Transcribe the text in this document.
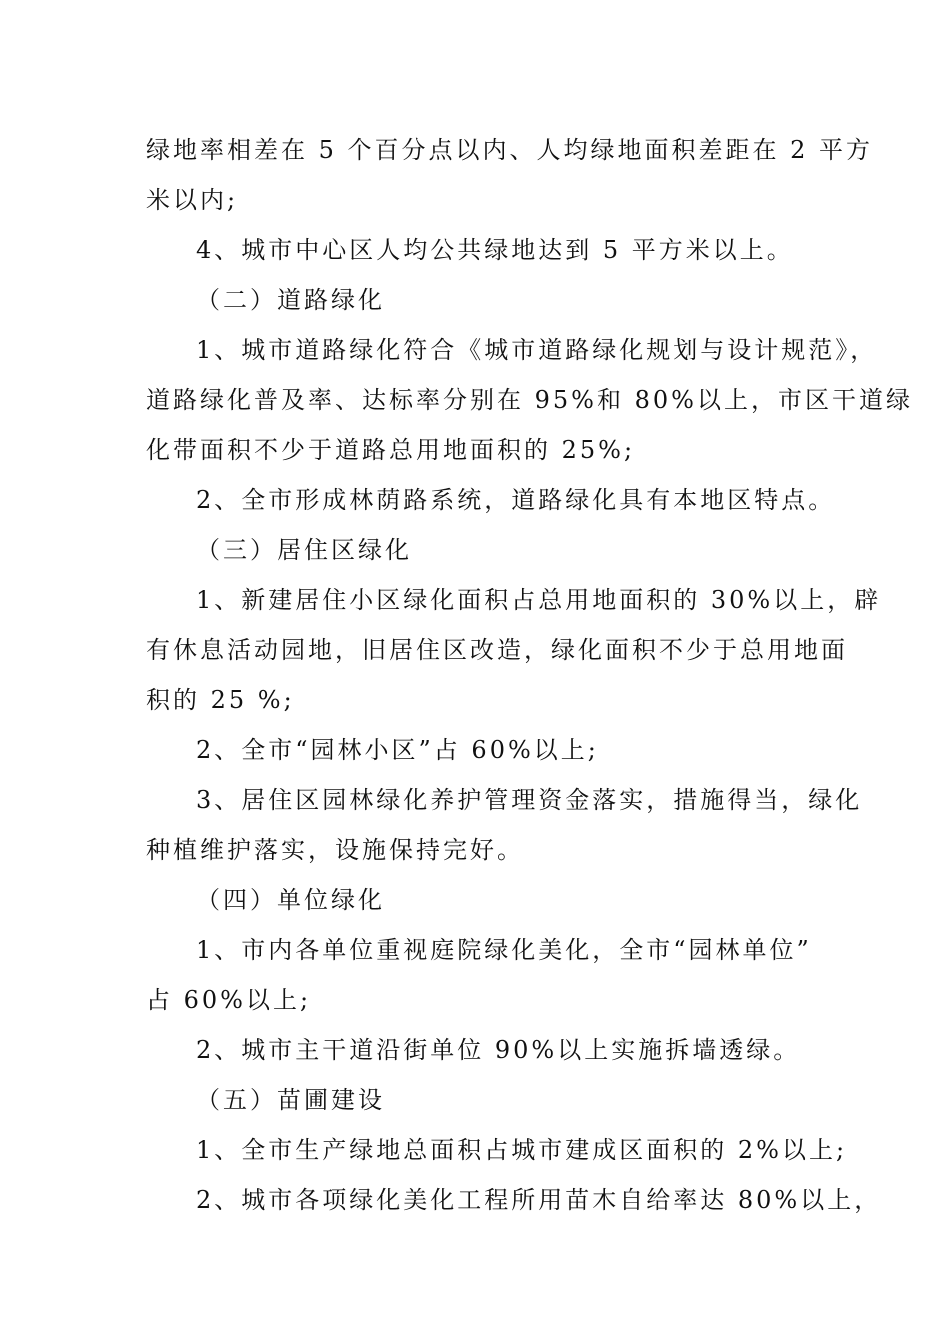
绿地率相差在 5 个百分点以内、人均绿地面积差距在 2 平方
米以内;
4、城市中心区人均公共绿地达到 5 平方米以上。
（二）道路绿化
1、城市道路绿化符合《城市道路绿化规划与设计规范》，
道路绿化普及率、达标率分别在 95%和 80%以上，市区干道绿
化带面积不少于道路总用地面积的 25%;
2、全市形成林荫路系统，道路绿化具有本地区特点。
（三）居住区绿化
1、新建居住小区绿化面积占总用地面积的 30%以上，辟
有休息活动园地，旧居住区改造，绿化面积不少于总用地面
积的 25 %;
2、全市“园林小区”占 60%以上;
3、居住区园林绿化养护管理资金落实，措施得当，绿化
种植维护落实，设施保持完好。
（四）单位绿化
1、市内各单位重视庭院绿化美化，全市“园林单位”
占 60%以上;
2、城市主干道沿街单位 90%以上实施拆墙透绿。
（五）苗圃建设
1、全市生产绿地总面积占城市建成区面积的 2%以上;
2、城市各项绿化美化工程所用苗木自给率达 80%以上，
